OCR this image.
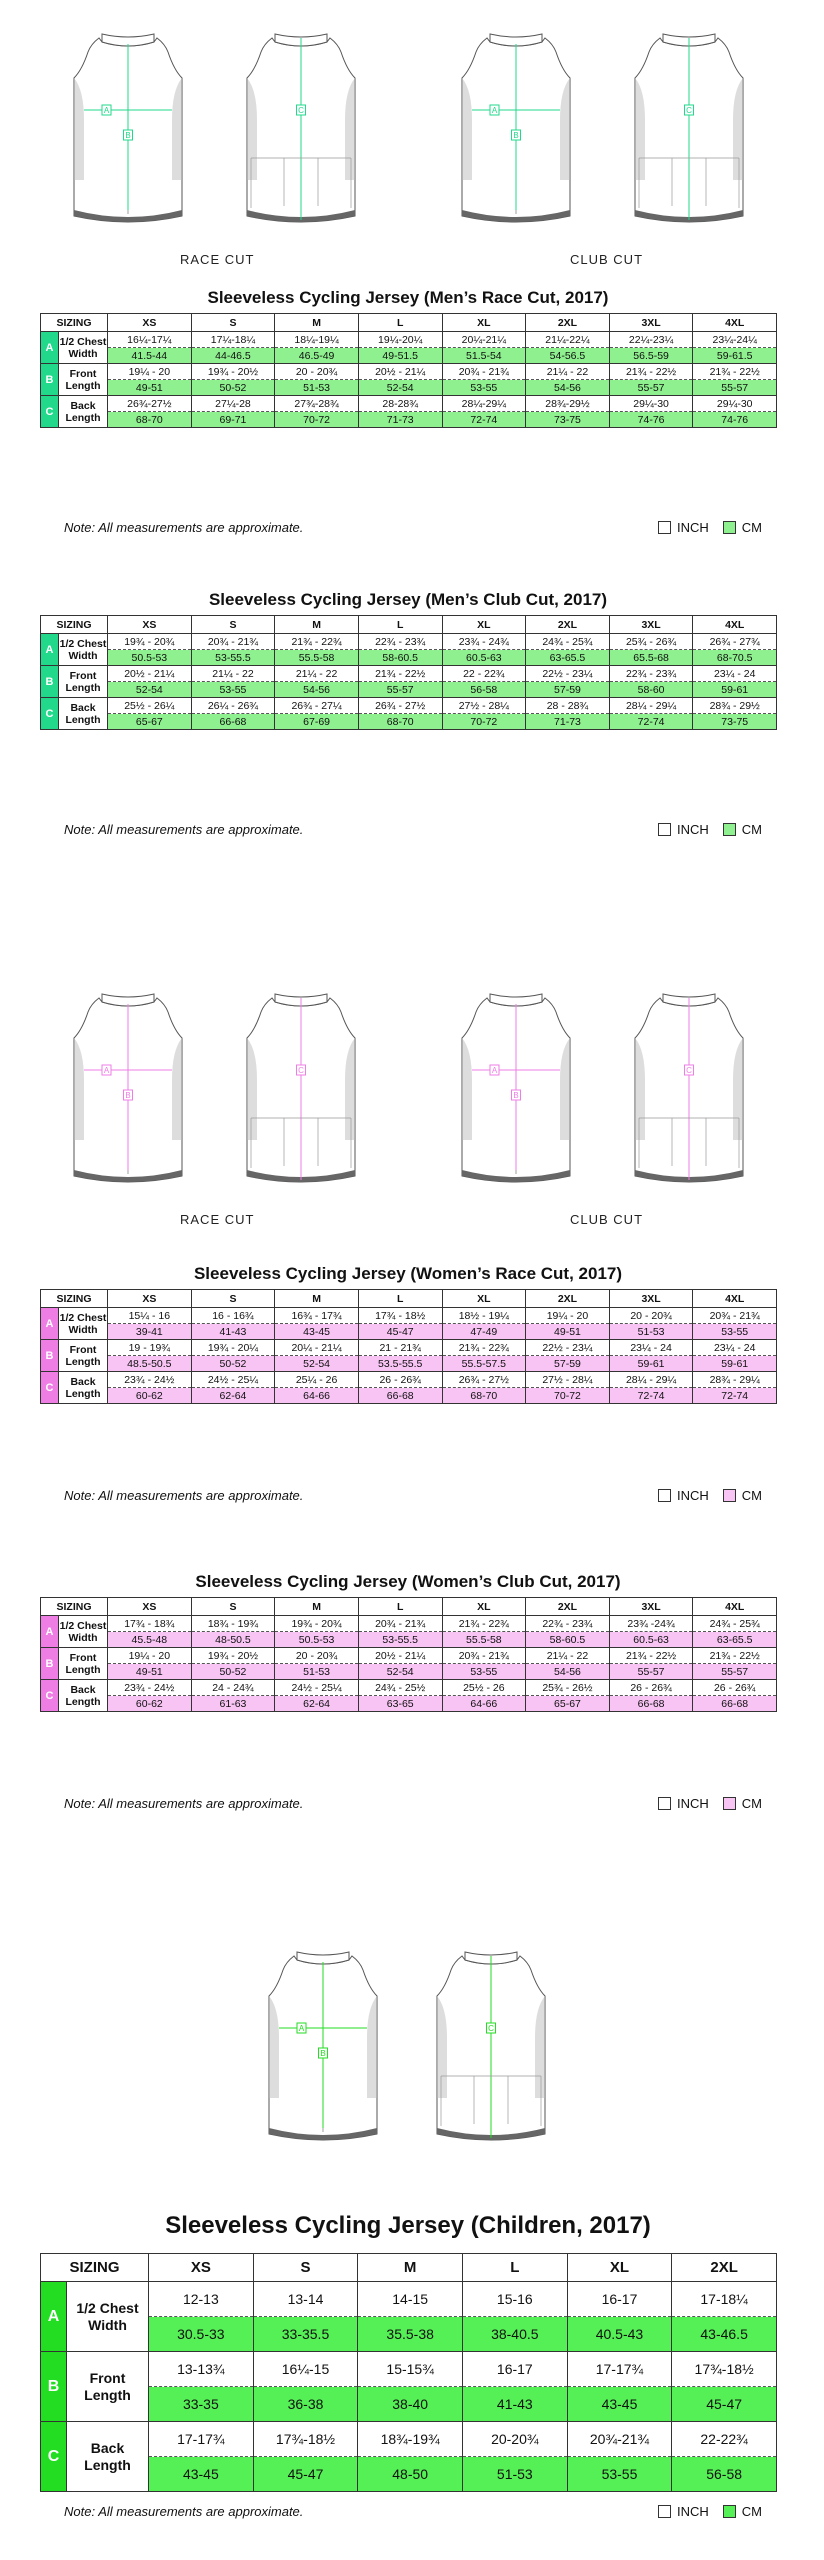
A
B
C	A
B
C
RACE CUT	CLUB CUT
Sleeveless Cycling Jersey (Men’s Race Cut, 2017)
SIZING		XS	S	M	L	XL	2XL	3XL	4XL
A	1/2 Chest Width	16¼-17¼	17¼-18¼	18¼-19¼	19¼-20¼	20¼-21¼	21¼-22¼	22¼-23¼	23¼-24¼
		41.5-44	44-46.5	46.5-49	49-51.5	51.5-54	54-56.5	56.5-59	59-61.5
B	Front Length	19¼ - 20	19¾ - 20½	20 - 20¾	20½ - 21¼	20¾ - 21¾	21¼ - 22	21¾ - 22½	21¾ - 22½
		49-51	50-52	51-53	52-54	53-55	54-56	55-57	55-57
C	Back Length	26¾-27½	27¼-28	27¾-28¾	28-28¾	28¼-29¼	28¾-29½	29¼-30	29¼-30
		68-70	69-71	70-72	71-73	72-74	73-75	74-76	74-76
Note: All measurements are approximate.	INCH	CM
Sleeveless Cycling Jersey (Men’s Club Cut, 2017)
SIZING		XS	S	M	L	XL	2XL	3XL	4XL
A	1/2 Chest Width	19¾ - 20¾	20¾ - 21¾	21¾ - 22¾	22¾ - 23¾	23¾ - 24¾	24¾ - 25¾	25¾ - 26¾	26¾ - 27¾
		50.5-53	53-55.5	55.5-58	58-60.5	60.5-63	63-65.5	65.5-68	68-70.5
B	Front Length	20½ - 21¼	21¼ - 22	21¼ - 22	21¾ - 22½	22 - 22¾	22½ - 23¼	22¾ - 23¾	23¼ - 24
		52-54	53-55	54-56	55-57	56-58	57-59	58-60	59-61
C	Back Length	25½ - 26¼	26¼ - 26¾	26¾ - 27¼	26¾ - 27½	27½ - 28¼	28 - 28¾	28¼ - 29¼	28¾ - 29½
		65-67	66-68	67-69	68-70	70-72	71-73	72-74	73-75
Note: All measurements are approximate.	INCH	CM
A
B
C	A
B
C
RACE CUT	CLUB CUT
Sleeveless Cycling Jersey (Women’s Race Cut, 2017)
SIZING		XS	S	M	L	XL	2XL	3XL	4XL
A	1/2 Chest Width	15¼ - 16	16 - 16¾	16¾ - 17¾	17¾ - 18½	18½ - 19¼	19¼ - 20	20 - 20¾	20¾ - 21¾
		39-41	41-43	43-45	45-47	47-49	49-51	51-53	53-55
B	Front Length	19 - 19¾	19¾ - 20¼	20¼ - 21¼	21 - 21¾	21¾ - 22¾	22½ - 23¼	23¼ - 24	23¼ - 24
		48.5-50.5	50-52	52-54	53.5-55.5	55.5-57.5	57-59	59-61	59-61
C	Back Length	23¾ - 24½	24½ - 25¼	25¼ - 26	26 - 26¾	26¾ - 27½	27½ - 28¼	28¼ - 29¼	28¾ - 29¼
		60-62	62-64	64-66	66-68	68-70	70-72	72-74	72-74
Note: All measurements are approximate.	INCH	CM
Sleeveless Cycling Jersey (Women’s Club Cut, 2017)
SIZING		XS	S	M	L	XL	2XL	3XL	4XL
A	1/2 Chest Width	17¾ - 18¾	18¾ - 19¾	19¾ - 20¾	20¾ - 21¾	21¾ - 22¾	22¾ - 23¾	23¾ -24¾	24¾ - 25¾
		45.5-48	48-50.5	50.5-53	53-55.5	55.5-58	58-60.5	60.5-63	63-65.5
B	Front Length	19¼ - 20	19¾ - 20½	20 - 20¾	20½ - 21¼	20¾ - 21¾	21¼ - 22	21¾ - 22½	21¾ - 22½
		49-51	50-52	51-53	52-54	53-55	54-56	55-57	55-57
C	Back Length	23¾ - 24½	24 - 24¾	24½ - 25¼	24¾ - 25½	25½ - 26	25¾ - 26½	26 - 26¾	26 - 26¾
		60-62	61-63	62-64	63-65	64-66	65-67	66-68	66-68
Note: All measurements are approximate.	INCH	CM
A
B
C
Sleeveless Cycling Jersey (Children, 2017)
SIZING		XS	S	M	L	XL	2XL
A	1/2 Chest Width	12-13	13-14	14-15	15-16	16-17	17-18¼
		30.5-33	33-35.5	35.5-38	38-40.5	40.5-43	43-46.5
B	Front Length	13-13¾	16¼-15	15-15¾	16-17	17-17¾	17¾-18½
		33-35	36-38	38-40	41-43	43-45	45-47
C	Back Length	17-17¾	17¾-18½	18¾-19¾	20-20¾	20¾-21¾	22-22¾
		43-45	45-47	48-50	51-53	53-55	56-58
Note: All measurements are approximate.	INCH	CM
